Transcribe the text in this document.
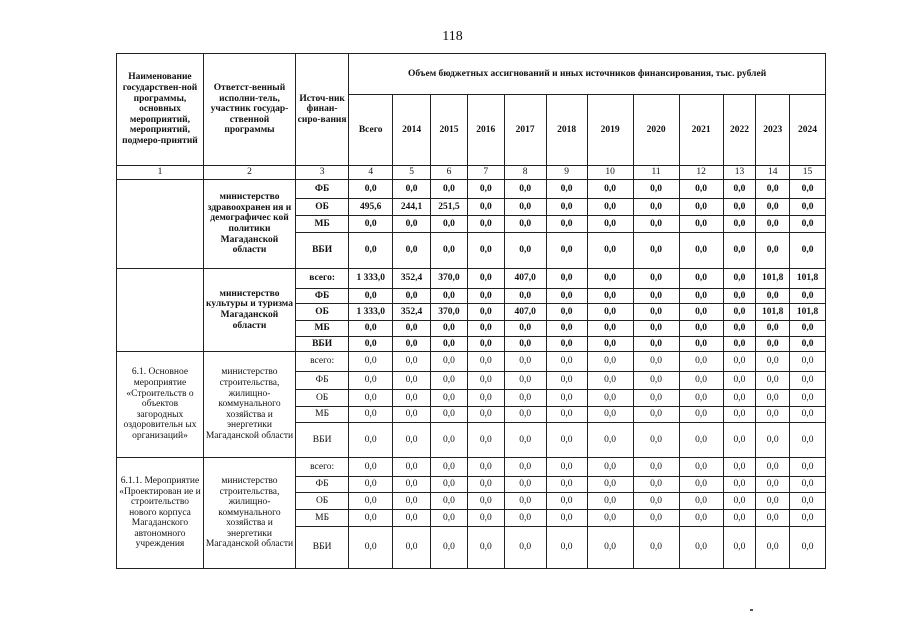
118
Наименование государствен-ной программы, основных мероприятий, мероприятий, подмеро-приятий	Ответст-венный исполни-тель, участник государ-ственной программы	Источ-ник финан-сиро-вания	Объем бюджетных ассигнований и иных источников финансирования, тыс. рублей											
			Всего	2014	2015	2016	2017	2018	2019	2020	2021	2022	2023	2024
1	2	3	4	5	6	7	8	9	10	11	12	13	14	15
	министерство здравоохранен ия и демографичес кой политики Магаданской области	ФБ	0,0	0,0	0,0	0,0	0,0	0,0	0,0	0,0	0,0	0,0	0,0	0,0
		ОБ	495,6	244,1	251,5	0,0	0,0	0,0	0,0	0,0	0,0	0,0	0,0	0,0
		МБ	0,0	0,0	0,0	0,0	0,0	0,0	0,0	0,0	0,0	0,0	0,0	0,0
		ВБИ	0,0	0,0	0,0	0,0	0,0	0,0	0,0	0,0	0,0	0,0	0,0	0,0
	министерство культуры и туризма Магаданской области	всего:	1 333,0	352,4	370,0	0,0	407,0	0,0	0,0	0,0	0,0	0,0	101,8	101,8
		ФБ	0,0	0,0	0,0	0,0	0,0	0,0	0,0	0,0	0,0	0,0	0,0	0,0
		ОБ	1 333,0	352,4	370,0	0,0	407,0	0,0	0,0	0,0	0,0	0,0	101,8	101,8
		МБ	0,0	0,0	0,0	0,0	0,0	0,0	0,0	0,0	0,0	0,0	0,0	0,0
		ВБИ	0,0	0,0	0,0	0,0	0,0	0,0	0,0	0,0	0,0	0,0	0,0	0,0
6.1. Основное мероприятие «Строительств о объектов загородных оздоровительн ых организаций»	министерство строительства, жилищно-коммунального хозяйства и энергетики Магаданской области	всего:	0,0	0,0	0,0	0,0	0,0	0,0	0,0	0,0	0,0	0,0	0,0	0,0
		ФБ	0,0	0,0	0,0	0,0	0,0	0,0	0,0	0,0	0,0	0,0	0,0	0,0
		ОБ	0,0	0,0	0,0	0,0	0,0	0,0	0,0	0,0	0,0	0,0	0,0	0,0
		МБ	0,0	0,0	0,0	0,0	0,0	0,0	0,0	0,0	0,0	0,0	0,0	0,0
		ВБИ	0,0	0,0	0,0	0,0	0,0	0,0	0,0	0,0	0,0	0,0	0,0	0,0
6.1.1. Мероприятие «Проектирован ие и строительство нового корпуса Магаданского автономного учреждения	министерство строительства, жилищно-коммунального хозяйства и энергетики Магаданской области	всего:	0,0	0,0	0,0	0,0	0,0	0,0	0,0	0,0	0,0	0,0	0,0	0,0
		ФБ	0,0	0,0	0,0	0,0	0,0	0,0	0,0	0,0	0,0	0,0	0,0	0,0
		ОБ	0,0	0,0	0,0	0,0	0,0	0,0	0,0	0,0	0,0	0,0	0,0	0,0
		МБ	0,0	0,0	0,0	0,0	0,0	0,0	0,0	0,0	0,0	0,0	0,0	0,0
		ВБИ	0,0	0,0	0,0	0,0	0,0	0,0	0,0	0,0	0,0	0,0	0,0	0,0
